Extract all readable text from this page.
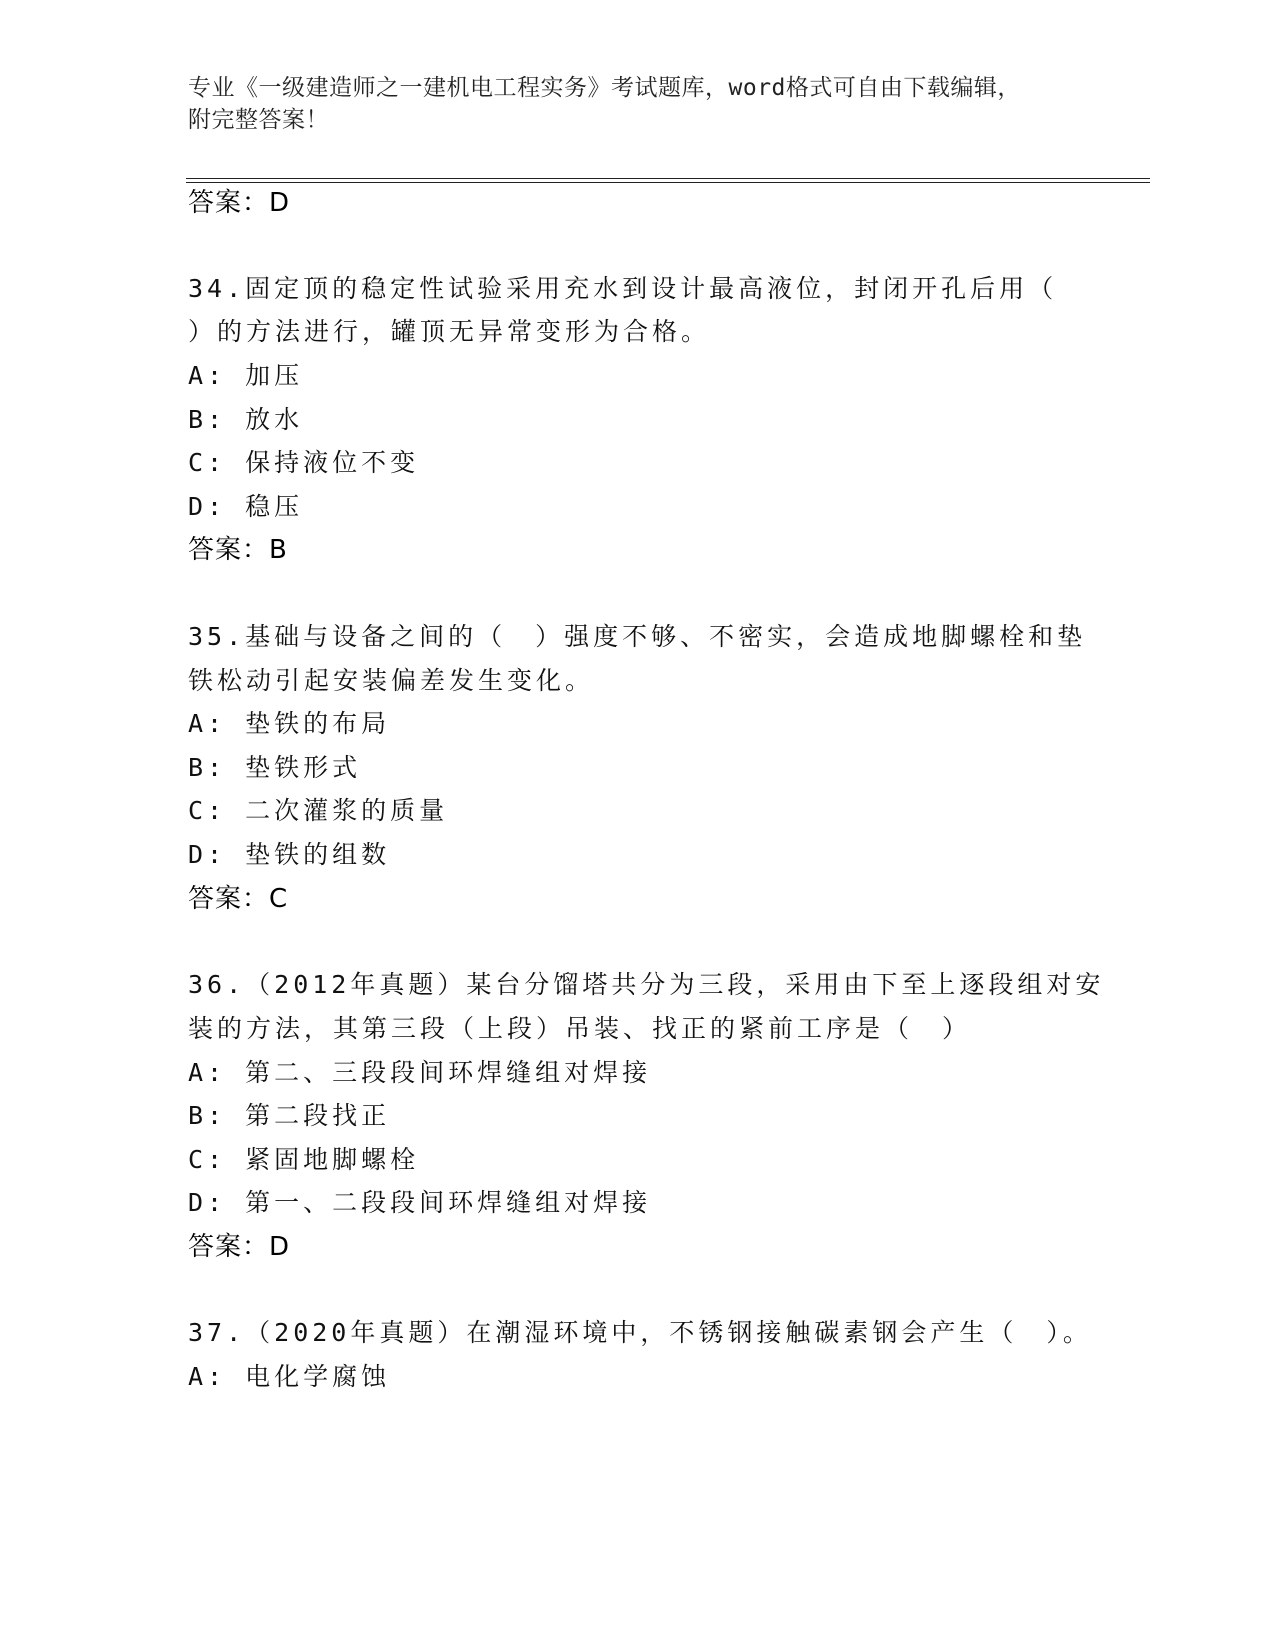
专业《一级建造师之一建机电工程实务》考试题库，word格式可自由下载编辑，
附完整答案！
答案：D
34.固定顶的稳定性试验采用充水到设计最高液位，封闭开孔后用（
）的方法进行，罐顶无异常变形为合格。
A: 加压
B: 放水
C: 保持液位不变
D: 稳压
答案：B
35.基础与设备之间的（　）强度不够、不密实，会造成地脚螺栓和垫
铁松动引起安装偏差发生变化。
A: 垫铁的布局
B: 垫铁形式
C: 二次灌浆的质量
D: 垫铁的组数
答案：C
36.（2012年真题）某台分馏塔共分为三段，采用由下至上逐段组对安
装的方法，其第三段（上段）吊装、找正的紧前工序是（　）
A: 第二、三段段间环焊缝组对焊接
B: 第二段找正
C: 紧固地脚螺栓
D: 第一、二段段间环焊缝组对焊接
答案：D
37.（2020年真题）在潮湿环境中，不锈钢接触碳素钢会产生（　）。
A: 电化学腐蚀
